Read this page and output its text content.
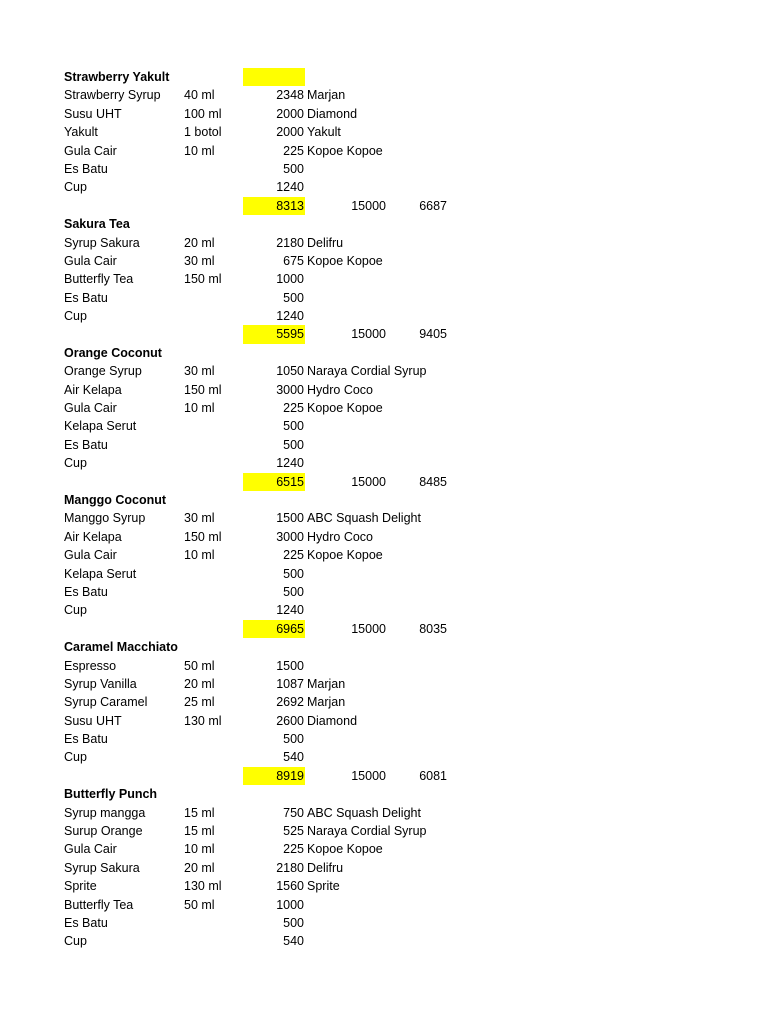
Strawberry Yakult
Strawberry Syrup	40 ml	2348 Marjan
Susu UHT	100 ml	2000 Diamond
Yakult	1 botol	2000 Yakult
Gula Cair	10 ml	225 Kopoe Kopoe
Es Batu	500
Cup	1240
8313	15000	6687
Sakura Tea
Syrup Sakura	20 ml	2180 Delifru
Gula Cair	30 ml	675 Kopoe Kopoe
Butterfly Tea	150 ml	1000
Es Batu	500
Cup	1240
5595	15000	9405
Orange Coconut
Orange Syrup	30 ml	1050 Naraya Cordial Syrup
Air Kelapa	150 ml	3000 Hydro Coco
Gula Cair	10 ml	225 Kopoe Kopoe
Kelapa Serut	500
Es Batu	500
Cup	1240
6515	15000	8485
Manggo Coconut
Manggo Syrup	30 ml	1500 ABC Squash Delight
Air Kelapa	150 ml	3000 Hydro Coco
Gula Cair	10 ml	225 Kopoe Kopoe
Kelapa Serut	500
Es Batu	500
Cup	1240
6965	15000	8035
Caramel Macchiato
Espresso	50 ml	1500
Syrup Vanilla	20 ml	1087 Marjan
Syrup Caramel	25 ml	2692 Marjan
Susu UHT	130 ml	2600 Diamond
Es Batu	500
Cup	540
8919	15000	6081
Butterfly Punch
Syrup mangga	15 ml	750 ABC Squash Delight
Surup Orange	15 ml	525 Naraya Cordial Syrup
Gula Cair	10 ml	225 Kopoe Kopoe
Syrup Sakura	20 ml	2180 Delifru
Sprite	130 ml	1560 Sprite
Butterfly Tea	50 ml	1000
Es Batu	500
Cup	540
